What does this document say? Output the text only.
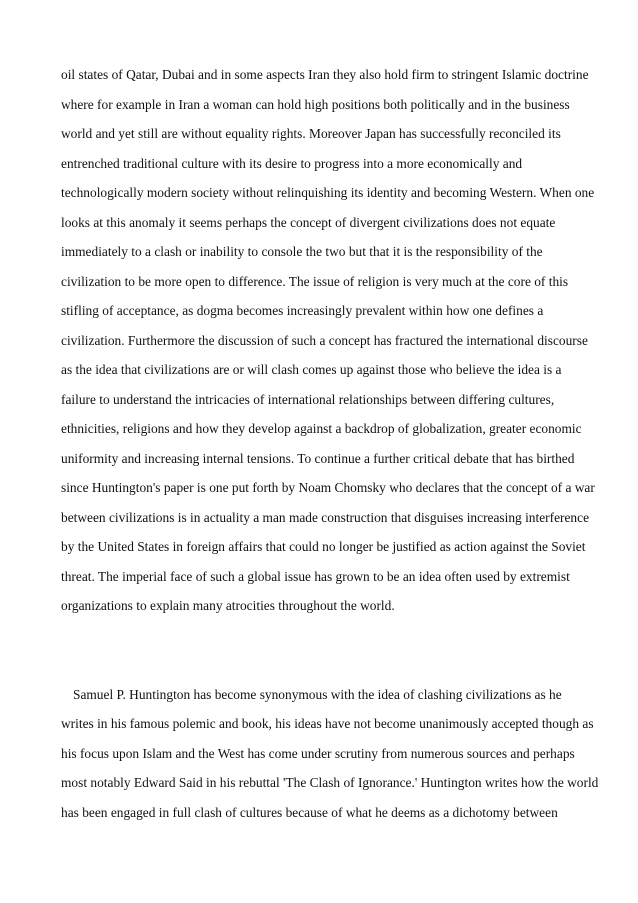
oil states of Qatar, Dubai and in some aspects Iran they also hold firm to stringent Islamic doctrine
where for example in Iran a woman can hold high positions both politically and in the business
world and yet still are without equality rights. Moreover Japan has successfully reconciled its
entrenched traditional culture with its desire to progress into a more economically and
technologically modern society without relinquishing its identity and becoming Western. When one
looks at this anomaly it seems perhaps the concept of divergent civilizations does not equate
immediately to a clash or inability to console the two but that it is the responsibility of the
civilization to be more open to difference. The issue of religion is very much at the core of this
stifling of acceptance, as dogma becomes increasingly prevalent within how one defines a
civilization. Furthermore the discussion of such a concept has fractured the international discourse
as the idea that civilizations are or will clash comes up against those who believe the idea is a
failure to understand the intricacies of international relationships between differing cultures,
ethnicities, religions and how they develop against a backdrop of globalization, greater economic
uniformity and increasing internal tensions. To continue a further critical debate that has birthed
since Huntington's paper is one put forth by Noam Chomsky who declares that the concept of a war
between civilizations is in actuality a man made construction that disguises increasing interference
by the United States in foreign affairs that could no longer be justified as action against the Soviet
threat. The imperial face of such a global issue has grown to be an idea often used by extremist
organizations to explain many atrocities throughout the world.
Samuel P. Huntington has become synonymous with the idea of clashing civilizations as he
writes in his famous polemic and book, his ideas have not become unanimously accepted though as
his focus upon Islam and the West has come under scrutiny from numerous sources and perhaps
most notably Edward Said in his rebuttal 'The Clash of Ignorance.' Huntington writes how the world
has been engaged in full clash of cultures because of what he deems as a dichotomy between
